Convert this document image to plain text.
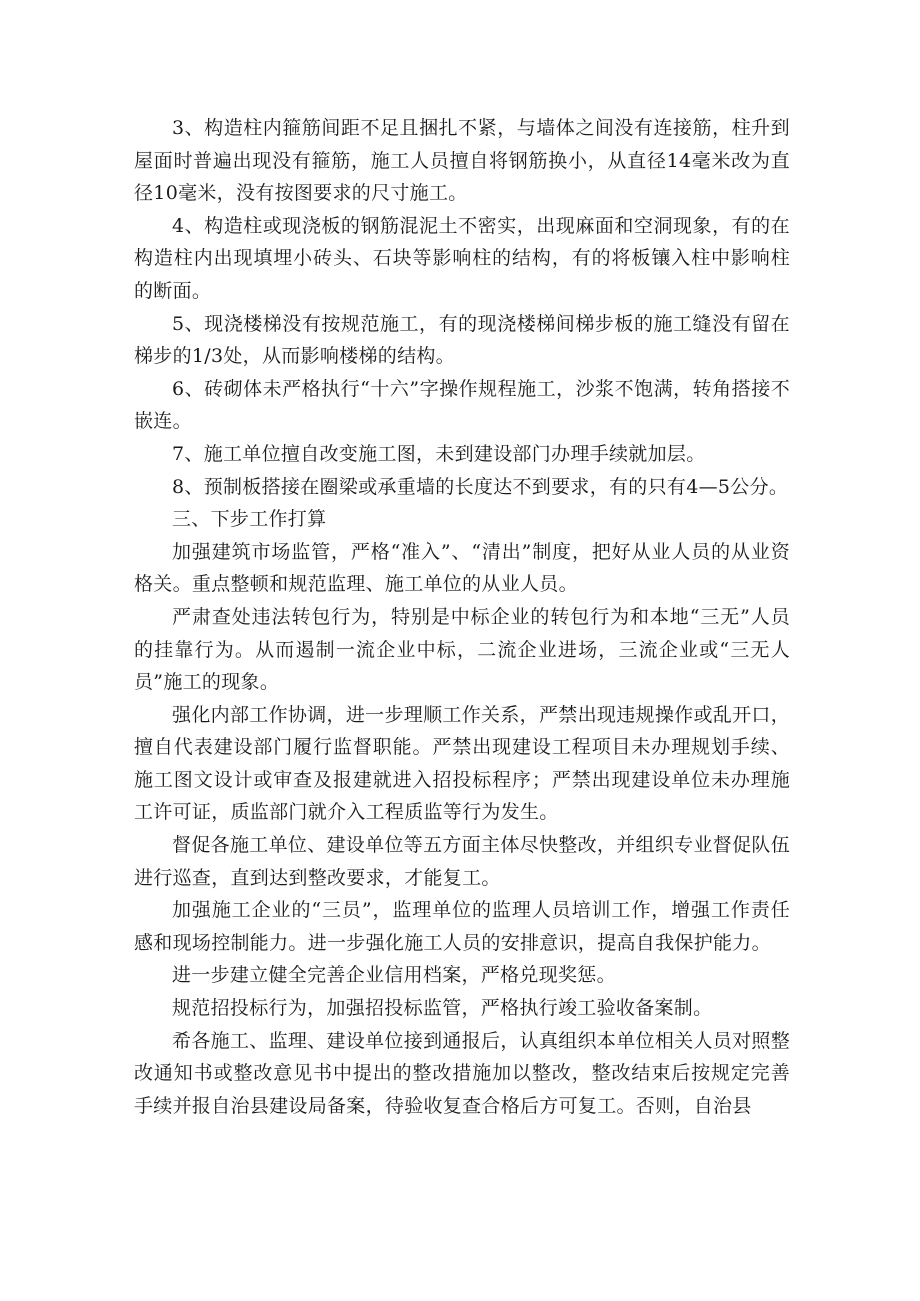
3、构造柱内箍筋间距不足且捆扎不紧，与墙体之间没有连接筋，柱升到屋面时普遍出现没有箍筋，施工人员擅自将钢筋换小，从直径14毫米改为直径10毫米，没有按图要求的尺寸施工。

4、构造柱或现浇板的钢筋混泥土不密实，出现麻面和空洞现象，有的在构造柱内出现填埋小砖头、石块等影响柱的结构，有的将板镶入柱中影响柱的断面。

5、现浇楼梯没有按规范施工，有的现浇楼梯间梯步板的施工缝没有留在梯步的1/3处，从而影响楼梯的结构。

6、砖砌体未严格执行“十六”字操作规程施工，沙浆不饱满，转角搭接不嵌连。

7、施工单位擅自改变施工图，未到建设部门办理手续就加层。

8、预制板搭接在圈梁或承重墙的长度达不到要求，有的只有4—5公分。

三、下步工作打算

加强建筑市场监管，严格“准入”、“清出”制度，把好从业人员的从业资格关。重点整顿和规范监理、施工单位的从业人员。

严肃查处违法转包行为，特别是中标企业的转包行为和本地“三无”人员的挂靠行为。从而遏制一流企业中标，二流企业进场，三流企业或“三无人员”施工的现象。

强化内部工作协调，进一步理顺工作关系，严禁出现违规操作或乱开口，擅自代表建设部门履行监督职能。严禁出现建设工程项目未办理规划手续、施工图文设计或审查及报建就进入招投标程序；严禁出现建设单位未办理施工许可证，质监部门就介入工程质监等行为发生。

督促各施工单位、建设单位等五方面主体尽快整改，并组织专业督促队伍进行巡查，直到达到整改要求，才能复工。

加强施工企业的“三员”，监理单位的监理人员培训工作，增强工作责任感和现场控制能力。进一步强化施工人员的安排意识，提高自我保护能力。

进一步建立健全完善企业信用档案，严格兑现奖惩。

规范招投标行为，加强招投标监管，严格执行竣工验收备案制。

希各施工、监理、建设单位接到通报后，认真组织本单位相关人员对照整改通知书或整改意见书中提出的整改措施加以整改，整改结束后按规定完善手续并报自治县建设局备案，待验收复查合格后方可复工。否则，自治县
